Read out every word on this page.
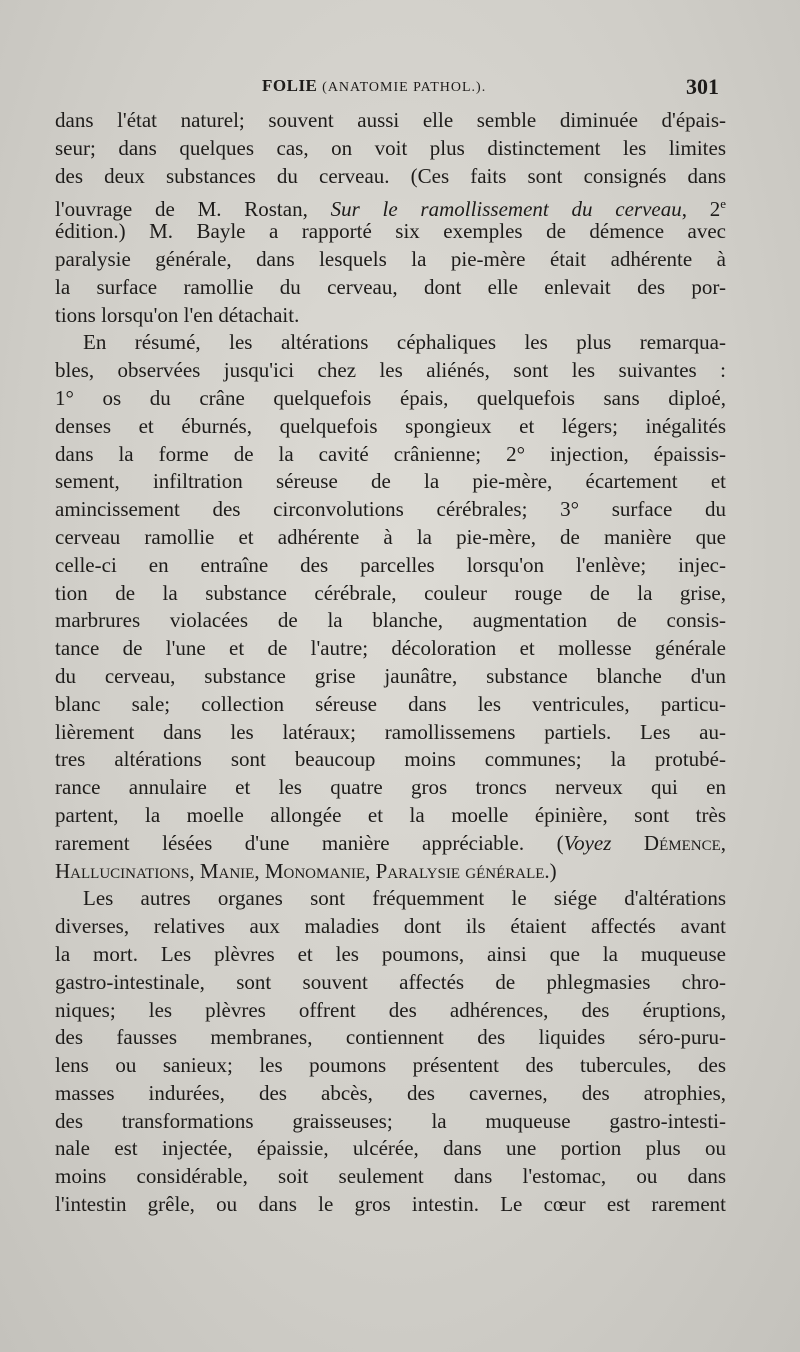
FOLIE (ANATOMIE PATHOL.).	301
dans l'état naturel; souvent aussi elle semble diminuée d'épais-
seur; dans quelques cas, on voit plus distinctement les limites
des deux substances du cerveau. (Ces faits sont consignés dans
l'ouvrage de M. Rostan, Sur le ramollissement du cerveau, 2e
édition.) M. Bayle a rapporté six exemples de démence avec
paralysie générale, dans lesquels la pie-mère était adhérente à
la surface ramollie du cerveau, dont elle enlevait des por-
tions lorsqu'on l'en détachait.
En résumé, les altérations céphaliques les plus remarqua-
bles, observées jusqu'ici chez les aliénés, sont les suivantes :
1° os du crâne quelquefois épais, quelquefois sans diploé,
denses et éburnés, quelquefois spongieux et légers; inégalités
dans la forme de la cavité crânienne; 2° injection, épaissis-
sement, infiltration séreuse de la pie-mère, écartement et
amincissement des circonvolutions cérébrales; 3° surface du
cerveau ramollie et adhérente à la pie-mère, de manière que
celle-ci en entraîne des parcelles lorsqu'on l'enlève; injec-
tion de la substance cérébrale, couleur rouge de la grise,
marbrures violacées de la blanche, augmentation de consis-
tance de l'une et de l'autre; décoloration et mollesse générale
du cerveau, substance grise jaunâtre, substance blanche d'un
blanc sale; collection séreuse dans les ventricules, particu-
lièrement dans les latéraux; ramollissemens partiels. Les au-
tres altérations sont beaucoup moins communes; la protubé-
rance annulaire et les quatre gros troncs nerveux qui en
partent, la moelle allongée et la moelle épinière, sont très
rarement lésées d'une manière appréciable. (Voyez Démence,
Hallucinations, Manie, Monomanie, Paralysie générale.)
Les autres organes sont fréquemment le siége d'altérations
diverses, relatives aux maladies dont ils étaient affectés avant
la mort. Les plèvres et les poumons, ainsi que la muqueuse
gastro-intestinale, sont souvent affectés de phlegmasies chro-
niques; les plèvres offrent des adhérences, des éruptions,
des fausses membranes, contiennent des liquides séro-puru-
lens ou sanieux; les poumons présentent des tubercules, des
masses indurées, des abcès, des cavernes, des atrophies,
des transformations graisseuses; la muqueuse gastro-intesti-
nale est injectée, épaissie, ulcérée, dans une portion plus ou
moins considérable, soit seulement dans l'estomac, ou dans
l'intestin grêle, ou dans le gros intestin. Le cœur est rarement
